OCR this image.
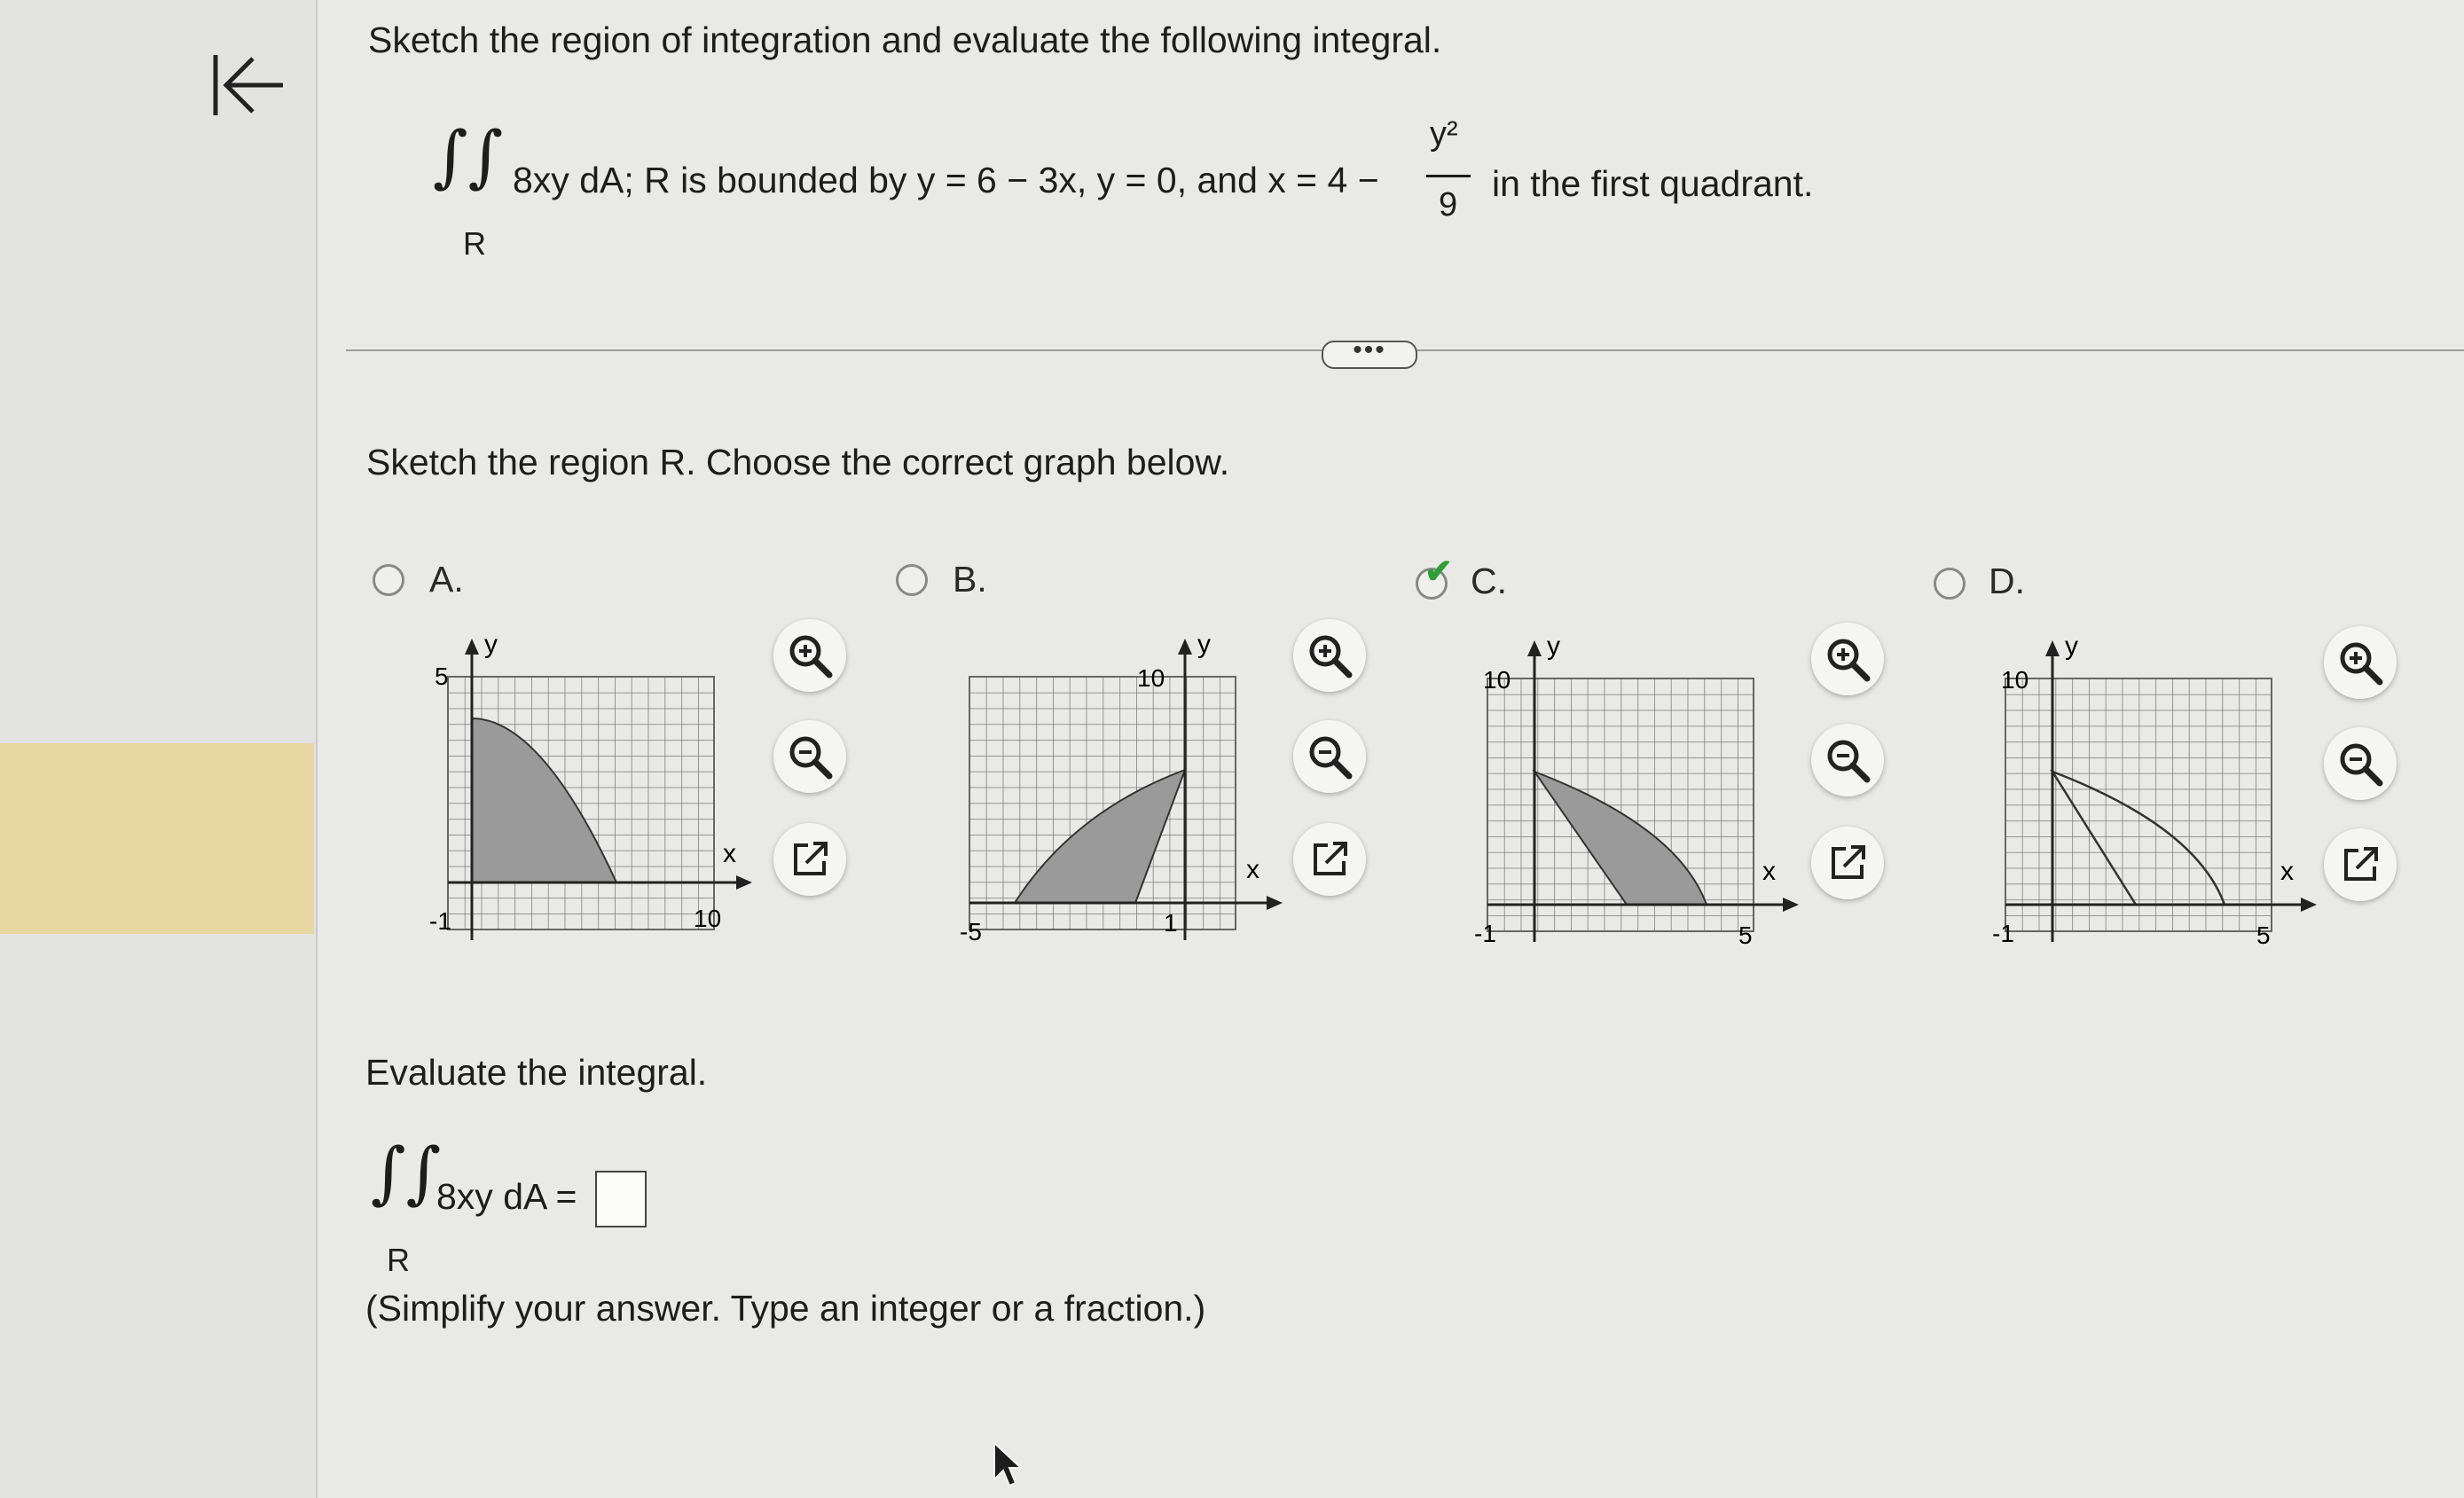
Sketch the region of integration and evaluate the following integral.
∫∫
R
8xy dA; R is bounded by y = 6 − 3x, y = 0, and x = 4 −
y²
9
in the first quadrant.
•••
Sketch the region R. Choose the correct graph below.
A.
y
x
5
-1	10
B.
y
x
10
-5	1
✔ C.
y
x
10
-1	5
D.
y
x
10
-1	5
Evaluate the integral.
∫∫
R
8xy dA =
(Simplify your answer. Type an integer or a fraction.)
